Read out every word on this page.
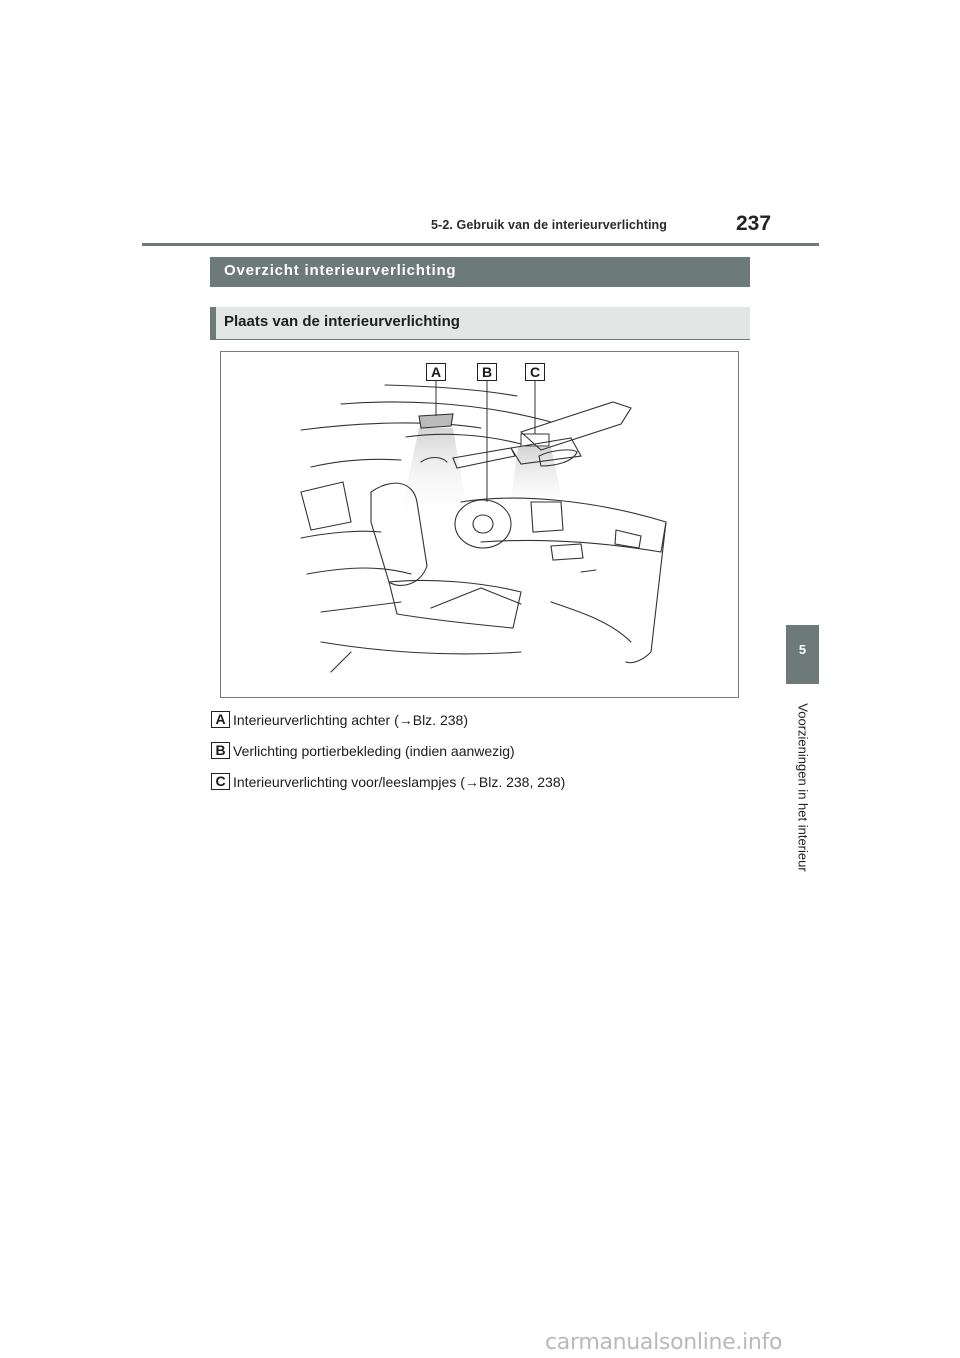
5-2. Gebruik van de interieurverlichting	237
Overzicht interieurverlichting
Plaats van de interieurverlichting
A	B	C
A Interieurverlichting achter (→Blz. 238)
B Verlichting portierbekleding (indien aanwezig)
C Interieurverlichting voor/leeslampjes (→Blz. 238, 238)
5
Voorzieningen in het interieur
carmanualsonline.info
